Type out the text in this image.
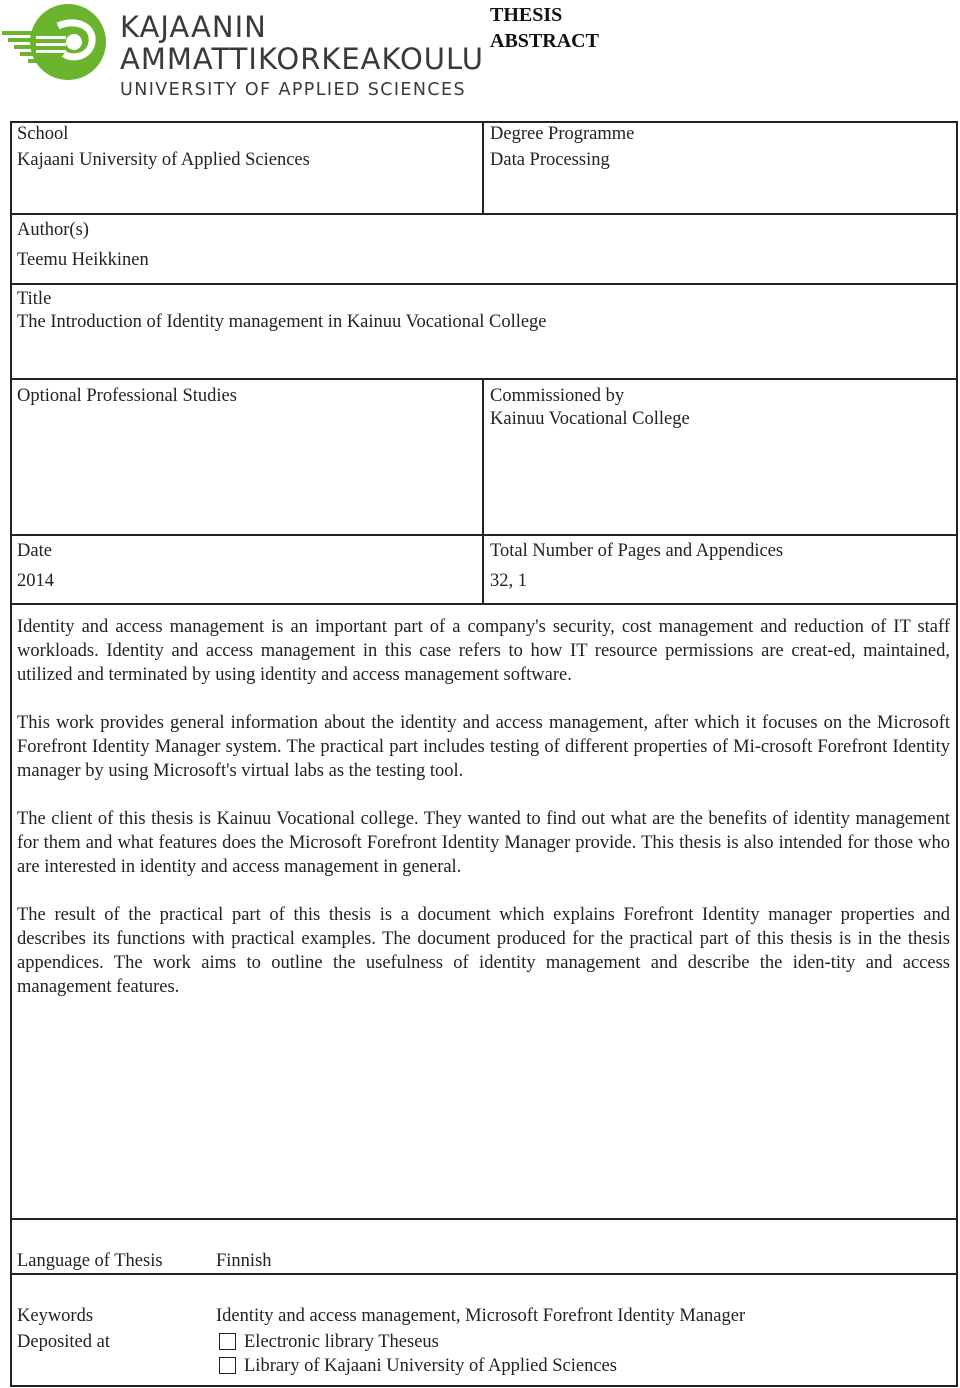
KAJAANIN
AMMATTIKORKEAKOULU
UNIVERSITY OF APPLIED SCIENCES
THESIS
ABSTRACT
School
Kajaani University of Applied Sciences
Degree Programme
Data Processing
Author(s)
Teemu Heikkinen
Title
The Introduction of Identity management in Kainuu Vocational College
Optional Professional Studies	Commissioned by
Kainuu Vocational College
Date
2014
Total Number of Pages and Appendices
32, 1

Identity and access management is an important part of a company's security, cost management and reduction of IT staff workloads. Identity and access management in this case refers to how IT resource permissions are creat-ed, maintained, utilized and terminated by using identity and access management software.

This work provides general information about the identity and access management, after which it focuses on the Microsoft Forefront Identity Manager system. The practical part includes testing of different properties of Mi-crosoft Forefront Identity manager by using Microsoft's virtual labs as the testing tool.

The client of this thesis is Kainuu Vocational college. They wanted to find out what are the benefits of identity management for them and what features does the Microsoft Forefront Identity Manager provide. This thesis is also intended for those who are interested in identity and access management in general.

The result of the practical part of this thesis is a document which explains Forefront Identity manager properties and describes its functions with practical examples. The document produced for the practical part of this thesis is in the thesis appendices. The work aims to outline the usefulness of identity management and describe the iden-tity and access management features.

Language of Thesis	Finnish
Keywords	Identity and access management, Microsoft Forefront Identity Manager
Deposited at	Electronic library Theseus
Library of Kajaani University of Applied Sciences
